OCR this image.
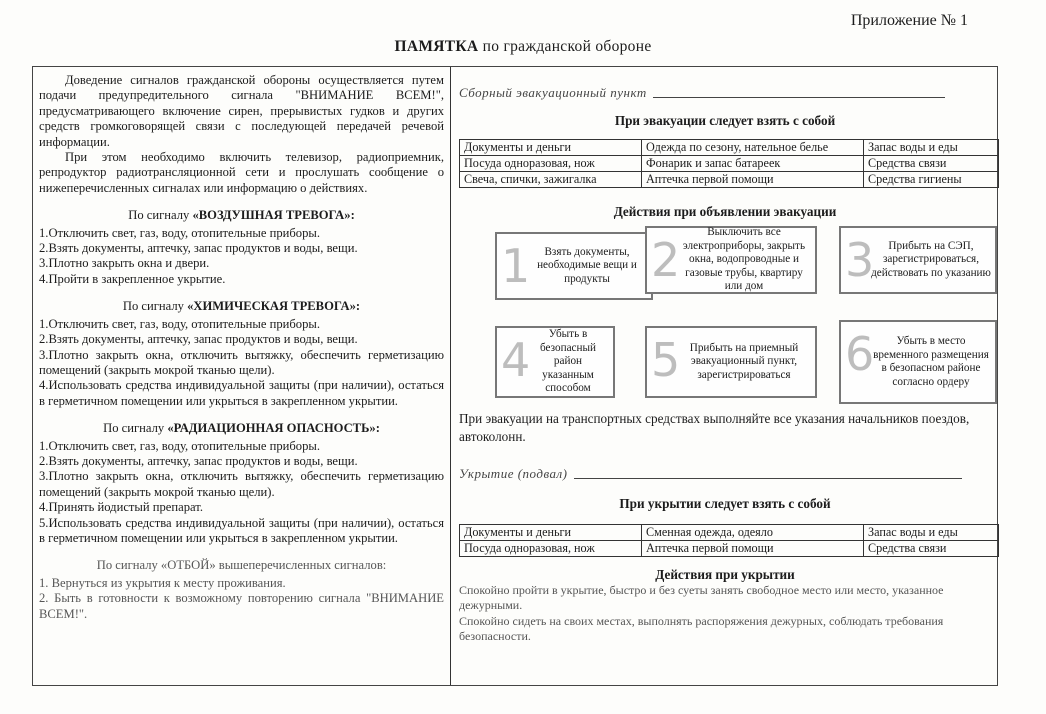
Приложение № 1
ПАМЯТКА по гражданской обороне

Доведение сигналов гражданской обороны осуществляется путем подачи предупредительного сигнала "ВНИМАНИЕ ВСЕМ!", предусматривающего включение сирен, прерывистых гудков и других средств громкоговорящей связи с последующей передачей речевой информации.

При этом необходимо включить телевизор, радиоприемник, репродуктор радиотрансляционной сети и прослушать сообщение о нижеперечисленных сигналах или информацию о действиях.

По сигналу «ВОЗДУШНАЯ ТРЕВОГА»:

1.Отключить свет, газ, воду, отопительные приборы.

2.Взять документы, аптечку, запас продуктов и воды, вещи.

3.Плотно закрыть окна и двери.

4.Пройти в закрепленное укрытие.

По сигналу «ХИМИЧЕСКАЯ ТРЕВОГА»:

1.Отключить свет, газ, воду, отопительные приборы.

2.Взять документы, аптечку, запас продуктов и воды, вещи.

3.Плотно закрыть окна, отключить вытяжку, обеспечить герметизацию помещений (закрыть мокрой тканью щели).

4.Использовать средства индивидуальной защиты (при наличии), остаться в герметичном помещении или укрыться в закрепленном укрытии.

По сигналу «РАДИАЦИОННАЯ ОПАСНОСТЬ»:

1.Отключить свет, газ, воду, отопительные приборы.

2.Взять документы, аптечку, запас продуктов и воды, вещи.

3.Плотно закрыть окна, отключить вытяжку, обеспечить герметизацию помещений (закрыть мокрой тканью щели).

4.Принять йодистый препарат.

5.Использовать средства индивидуальной защиты (при наличии), остаться в герметичном помещении или укрыться в закрепленном укрытии.

По сигналу «ОТБОЙ» вышеперечисленных сигналов:

1. Вернуться из укрытия к месту проживания.

2. Быть в готовности к возможному повторению сигнала "ВНИМАНИЕ ВСЕМ!".

Сборный эвакуационный пункт
При эвакуации следует взять с собой
Документы и деньги	Одежда по сезону, нательное белье	Запас воды и еды
Посуда одноразовая, нож	Фонарик и запас батареек	Средства связи
Свеча, спички, зажигалка	Аптечка первой помощи	Средства гигиены
Действия при объявлении эвакуации
1	Взять документы, необходимые вещи и продукты 2
Выключить все электроприборы, закрыть окна, водопроводные и газовые трубы, квартиру или дом	3	Прибыть на СЭП, зарегистрироваться, действовать по указанию
4	Убыть в безопасный район указанным способом
5 Прибыть на приемный эвакуационный пункт, зарегистрироваться	6	Убыть в место временного размещения в безопасном районе согласно ордеру

При эвакуации на транспортных средствах выполняйте все указания начальников поездов, автоколонн.

Укрытие (подвал)
При укрытии следует взять с собой
Документы и деньги	Сменная одежда, одеяло	Запас воды и еды
Посуда одноразовая, нож	Аптечка первой помощи	Средства связи
Действия при укрытии

Спокойно пройти в укрытие, быстро и без суеты занять свободное место или место, указанное дежурными.

Спокойно сидеть на своих местах, выполнять распоряжения дежурных, соблюдать требования безопасности.
